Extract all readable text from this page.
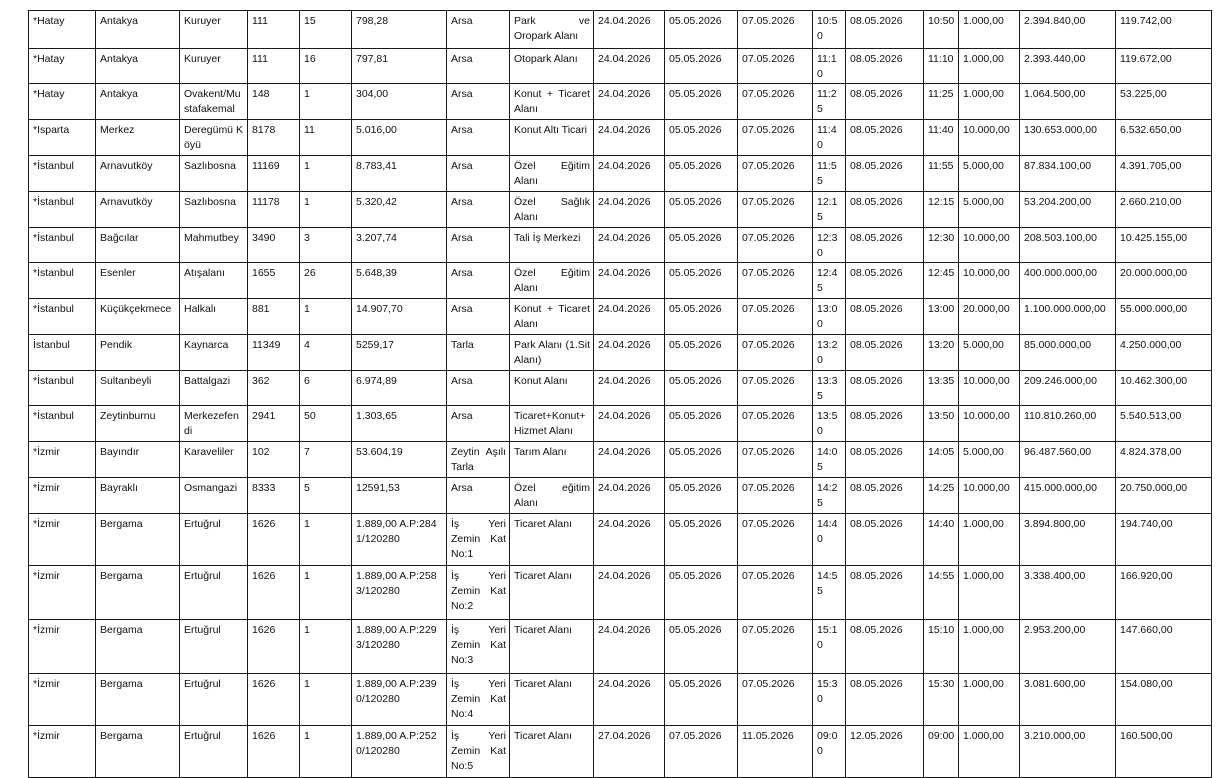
*Hatay	Antakya	Kuruyer	111	15	798,28	Arsa	Park ve Oropark Alanı	24.04.2026	05.05.2026	07.05.2026	10:50	08.05.2026	10:50	1.000,00	2.394.840,00	119.742,00
*Hatay	Antakya	Kuruyer	111	16	797,81	Arsa	Otopark Alanı	24.04.2026	05.05.2026	07.05.2026	11:10	08.05.2026	11:10	1.000,00	2.393.440,00	119.672,00
*Hatay	Antakya	Ovakent/Mustafakemal	148	1	304,00	Arsa	Konut + Ticaret Alanı	24.04.2026	05.05.2026	07.05.2026	11:25	08.05.2026	11:25	1.000,00	1.064.500,00	53.225,00
*Isparta	Merkez	Deregümü Köyü	8178	11	5.016,00	Arsa	Konut Altı Ticari	24.04.2026	05.05.2026	07.05.2026	11:40	08.05.2026	11:40	10.000,00	130.653.000,00	6.532.650,00
*İstanbul	Arnavutköy	Sazlıbosna	11169	1	8.783,41	Arsa	Özel Eğitim Alanı	24.04.2026	05.05.2026	07.05.2026	11:55	08.05.2026	11:55	5.000,00	87.834.100,00	4.391.705,00
*İstanbul	Arnavutköy	Sazlıbosna	11178	1	5.320,42	Arsa	Özel Sağlık Alanı	24.04.2026	05.05.2026	07.05.2026	12:15	08.05.2026	12:15	5.000,00	53.204.200,00	2.660.210,00
*İstanbul	Bağcılar	Mahmutbey	3490	3	3.207,74	Arsa	Tali İş Merkezi	24.04.2026	05.05.2026	07.05.2026	12:30	08.05.2026	12:30	10.000,00	208.503.100,00	10.425.155,00
*İstanbul	Esenler	Atışalanı	1655	26	5.648,39	Arsa	Özel Eğitim Alanı	24.04.2026	05.05.2026	07.05.2026	12:45	08.05.2026	12:45	10.000,00	400.000.000,00	20.000.000,00
*İstanbul	Küçükçekmece	Halkalı	881	1	14.907,70	Arsa	Konut + Ticaret Alanı	24.04.2026	05.05.2026	07.05.2026	13:00	08.05.2026	13:00	20.000,00	1.100.000.000,00	55.000.000,00
İstanbul	Pendik	Kaynarca	11349	4	5259,17	Tarla	Park Alanı (1.Sit Alanı)	24.04.2026	05.05.2026	07.05.2026	13:20	08.05.2026	13:20	5.000,00	85.000.000,00	4.250.000,00
*İstanbul	Sultanbeyli	Battalgazi	362	6	6.974,89	Arsa	Konut Alanı	24.04.2026	05.05.2026	07.05.2026	13:35	08.05.2026	13:35	10.000,00	209.246.000,00	10.462.300,00
*İstanbul	Zeytinburnu	Merkezefendi	2941	50	1.303,65	Arsa	Ticaret+Konut+ Hizmet Alanı	24.04.2026	05.05.2026	07.05.2026	13:50	08.05.2026	13:50	10.000,00	110.810.260,00	5.540.513,00
*İzmir	Bayındır	Karaveliler	102	7	53.604,19	Zeytin Aşılı Tarla	Tarım Alanı	24.04.2026	05.05.2026	07.05.2026	14:05	08.05.2026	14:05	5.000,00	96.487.560,00	4.824.378,00
*İzmir	Bayraklı	Osmangazi	8333	5	12591,53	Arsa	Özel eğitim Alanı	24.04.2026	05.05.2026	07.05.2026	14:25	08.05.2026	14:25	10.000,00	415.000.000,00	20.750.000,00
*İzmir	Bergama	Ertuğrul	1626	1	1.889,00 A.P:2841/120280	İş Yeri Zemin Kat No:1	Ticaret Alanı	24.04.2026	05.05.2026	07.05.2026	14:40	08.05.2026	14:40	1.000,00	3.894.800,00	194.740,00
*İzmir	Bergama	Ertuğrul	1626	1	1.889,00 A.P:2583/120280	İş Yeri Zemin Kat No:2	Ticaret Alanı	24.04.2026	05.05.2026	07.05.2026	14:55	08.05.2026	14:55	1.000,00	3.338.400,00	166.920,00
*İzmir	Bergama	Ertuğrul	1626	1	1.889,00 A.P:2293/120280	İş Yeri Zemin Kat No:3	Ticaret Alanı	24.04.2026	05.05.2026	07.05.2026	15:10	08.05.2026	15:10	1.000,00	2.953.200,00	147.660,00
*İzmir	Bergama	Ertuğrul	1626	1	1.889,00 A.P:2390/120280	İş Yeri Zemin Kat No:4	Ticaret Alanı	24.04.2026	05.05.2026	07.05.2026	15:30	08.05.2026	15:30	1.000,00	3.081.600,00	154.080,00
*İzmir	Bergama	Ertuğrul	1626	1	1.889,00 A.P:2520/120280	İş Yeri Zemin Kat No:5	Ticaret Alanı	27.04.2026	07.05.2026	11.05.2026	09:00	12.05.2026	09:00	1.000,00	3.210.000,00	160.500,00
